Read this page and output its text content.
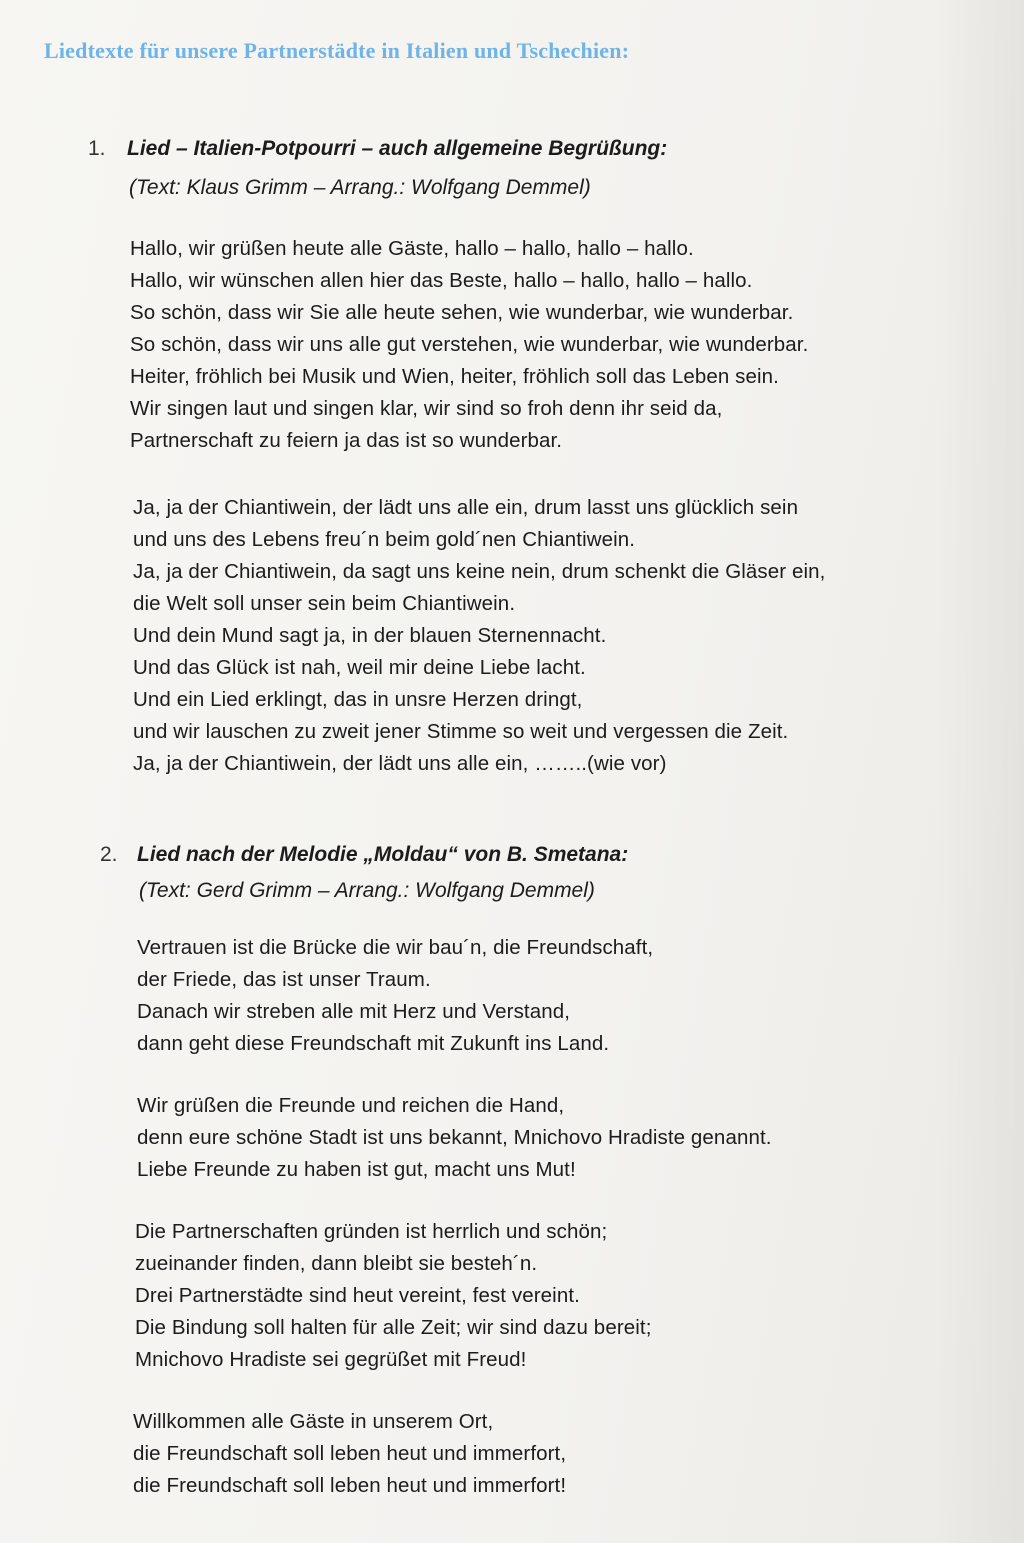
Liedtexte für unsere Partnerstädte in Italien und Tschechien:
1. Lied – Italien-Potpourri – auch allgemeine Begrüßung:
(Text: Klaus Grimm – Arrang.: Wolfgang Demmel)
Hallo, wir grüßen heute alle Gäste, hallo – hallo, hallo – hallo.
Hallo, wir wünschen allen hier das Beste, hallo – hallo, hallo – hallo.
So schön, dass wir Sie alle heute sehen, wie wunderbar, wie wunderbar.
So schön, dass wir uns alle gut verstehen, wie wunderbar, wie wunderbar.
Heiter, fröhlich bei Musik und Wien, heiter, fröhlich soll das Leben sein.
Wir singen laut und singen klar, wir sind so froh denn ihr seid da,
Partnerschaft zu feiern ja das ist so wunderbar.
Ja, ja der Chiantiwein, der lädt uns alle ein, drum lasst uns glücklich sein
und uns des Lebens freu´n beim gold´nen Chiantiwein.
Ja, ja der Chiantiwein, da sagt uns keine nein, drum schenkt die Gläser ein,
die Welt soll unser sein beim Chiantiwein.
Und dein Mund sagt ja, in der blauen Sternennacht.
Und das Glück ist nah, weil mir deine Liebe lacht.
Und ein Lied erklingt, das in unsre Herzen dringt,
und wir lauschen zu zweit jener Stimme so weit und vergessen die Zeit.
Ja, ja der Chiantiwein, der lädt uns alle ein, ……..(wie vor)
2. Lied nach der Melodie „Moldau“ von B. Smetana:
(Text: Gerd Grimm – Arrang.: Wolfgang Demmel)
Vertrauen ist die Brücke die wir bau´n, die Freundschaft,
der Friede, das ist unser Traum.
Danach wir streben alle mit Herz und Verstand,
dann geht diese Freundschaft mit Zukunft ins Land.
Wir grüßen die Freunde und reichen die Hand,
denn eure schöne Stadt ist uns bekannt, Mnichovo Hradiste genannt.
Liebe Freunde zu haben ist gut, macht uns Mut!
Die Partnerschaften gründen ist herrlich und schön;
zueinander finden, dann bleibt sie besteh´n.
Drei Partnerstädte sind heut vereint, fest vereint.
Die Bindung soll halten für alle Zeit; wir sind dazu bereit;
Mnichovo Hradiste sei gegrüßet mit Freud!
Willkommen alle Gäste in unserem Ort,
die Freundschaft soll leben heut und immerfort,
die Freundschaft soll leben heut und immerfort!
